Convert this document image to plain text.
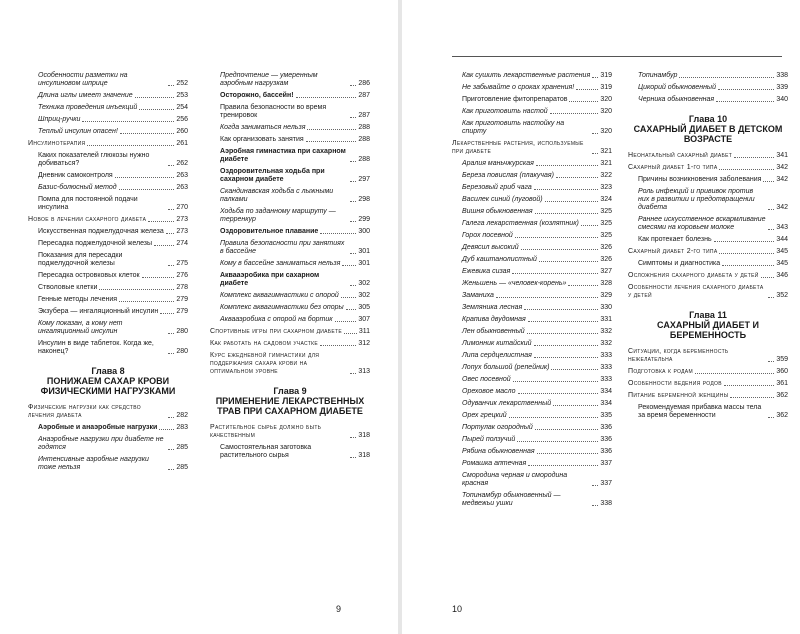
Особенности разметки на инсулиновом шприце	252
Длина иглы имеет значение	253
Техника проведения инъекций	254
Шприц-ручки	256
Теплый инсулин опасен!	260
Инсулинотерапия	261
Каких показателей глюкозы нужно добиваться?	262
Дневник самоконтроля	263
Базис-болюсный метод	263
Помпа для постоянной подачи инсулина	270
Новое в лечении сахарного диабета	273
Искусственная поджелудочная железа 273
Пересадка поджелудочной железы	274
Показания для пересадки поджелудочной железы	275
Пересадка островковых клеток	276
Стволовые клетки	278
Генные методы лечения	279
Экзубера — ингаляционный инсулин	279
Кому показан, а кому нет ингаляционный инсулин	280
Инсулин в виде таблеток. Когда же, наконец?	280
Глава 8
ПОНИЖАЕМ САХАР КРОВИ ФИЗИЧЕСКИМИ НАГРУЗКАМИ
Физические нагрузки как средство лечения диабета	282
Аэробные и анаэробные нагрузки	283
Анаэробные нагрузки при диабете не годятся	285
Интенсивные аэробные нагрузки тоже нельзя	285
Предпочтение — умеренным аэробным нагрузкам	286
Осторожно, бассейн!	287
Правила безопасности во время тренировок	287
Когда заниматься нельзя	288
Как организовать занятия	288
Аэробная гимнастика при сахарном диабете	288
Оздоровительная ходьба при сахарном диабете	297
Скандинавская ходьба с лыжными палками	298
Ходьба по заданному маршруту — терренкур	299
Оздоровительное плавание	300
Правила безопасности при занятиях в бассейне	301
Кому в бассейне заниматься нельзя	301
Аквааэробика при сахарном диабете	302
Комплекс аквагимнастики с опорой	302
Комплекс аквагимнастики без опоры 305
Аквааэробика с опорой на бортик	307
Спортивные игры при сахарном диабете 311
Как работать на садовом участке	312
Курс ежедневной гимнастики для поддержания сахара крови на оптимальном уровне	313
Глава 9
ПРИМЕНЕНИЕ ЛЕКАРСТВЕННЫХ ТРАВ ПРИ САХАРНОМ ДИАБЕТЕ
Растительное сырье должно быть качественным	318
Самостоятельная заготовка растительного сырья	318
9
Как сушить лекарственные растения 319
Не забывайте о сроках хранения!	319
Приготовление фитопрепаратов	320
Как приготовить настой	320
Как приготовить настойку на спирту	320
Лекарственные растения, используемые при диабете	321
Аралия маньчжурская	321
Береза повислая (плакучая)	322
Березовый гриб чага	323
Василек синий (луговой)	324
Вишня обыкновенная	325
Галега лекарственная (козлятник)	325
Горох посевной	325
Девясил высокий	326
Дуб каштанолистный	326
Ежевика сизая	327
Женьшень — «человек-корень»	328
Заманиха	329
Земляника лесная	330
Крапива двудомная	331
Лен обыкновенный	332
Лимонник китайский	332
Липа сердцелистная	333
Лопух большой (репейник)	333
Овес посевной	333
Ореховое масло	334
Одуванчик лекарственный	334
Орех грецкий	335
Портулак огородный	336
Пырей ползучий	336
Рябина обыкновенная	336
Ромашка аптечная	337
Смородина черная и смородина красная	337
Топинамбур обыкновенный — медвежьи ушки	338
Топинамбур	338
Цикорий обыкновенный	339
Черника обыкновенная	340
Глава 10
САХАРНЫЙ ДИАБЕТ В ДЕТСКОМ ВОЗРАСТЕ
Неонатальный сахарный диабет	341
Сахарный диабет 1-го типа	342
Причины возникновения заболевания 342
Роль инфекций и прививок против них в развитии и предотвращении диабета	342
Раннее искусственное вскармливание смесями на коровьем молоке	343
Как протекает болезнь	344
Сахарный диабет 2-го типа	345
Симптомы и диагностика	345
Осложнения сахарного диабета у детей	346
Особенности лечения сахарного диабета у детей	352
Глава 11
САХАРНЫЙ ДИАБЕТ И БЕРЕМЕННОСТЬ
Ситуации, когда беременность нежелательна	359
Подготовка к родам	360
Особенности ведения родов	361
Питание беременной женщины	362
Рекомендуемая прибавка массы тела за время беременности	362
10
